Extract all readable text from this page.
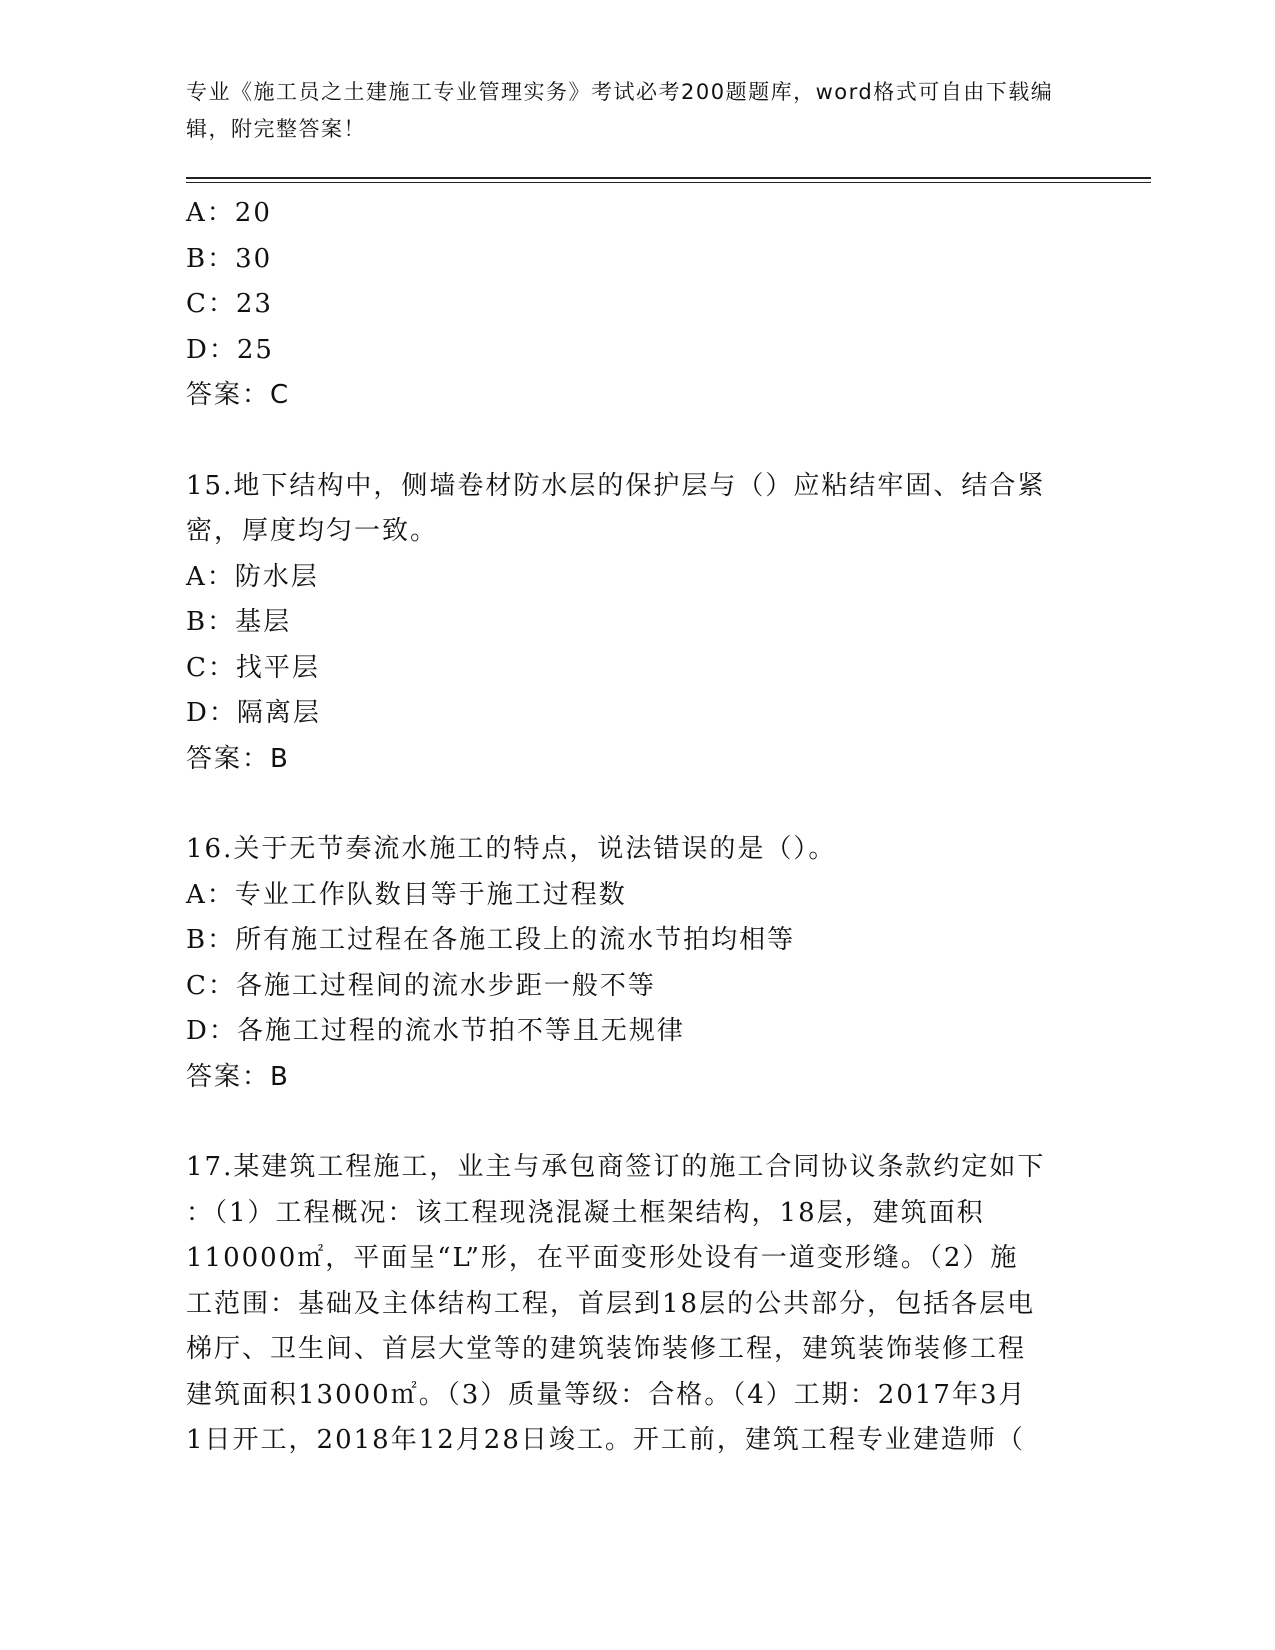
专业《施工员之土建施工专业管理实务》考试必考200题题库，word格式可自由下载编辑，附完整答案！
A：20
B：30
C：23
D：25
答案：C
15.地下结构中，侧墙卷材防水层的保护层与（）应粘结牢固、结合紧
密，厚度均匀一致。
A：防水层
B：基层
C：找平层
D：隔离层
答案：B
16.关于无节奏流水施工的特点，说法错误的是（）。
A：专业工作队数目等于施工过程数
B：所有施工过程在各施工段上的流水节拍均相等
C：各施工过程间的流水步距一般不等
D：各施工过程的流水节拍不等且无规律
答案：B
17.某建筑工程施工，业主与承包商签订的施工合同协议条款约定如下
：（1）工程概况：该工程现浇混凝土框架结构，18层，建筑面积
110000㎡，平面呈“L”形，在平面变形处设有一道变形缝。（2）施
工范围：基础及主体结构工程，首层到18层的公共部分，包括各层电
梯厅、卫生间、首层大堂等的建筑装饰装修工程，建筑装饰装修工程
建筑面积13000㎡。（3）质量等级：合格。（4）工期：2017年3月
1日开工，2018年12月28日竣工。开工前，建筑工程专业建造师（
